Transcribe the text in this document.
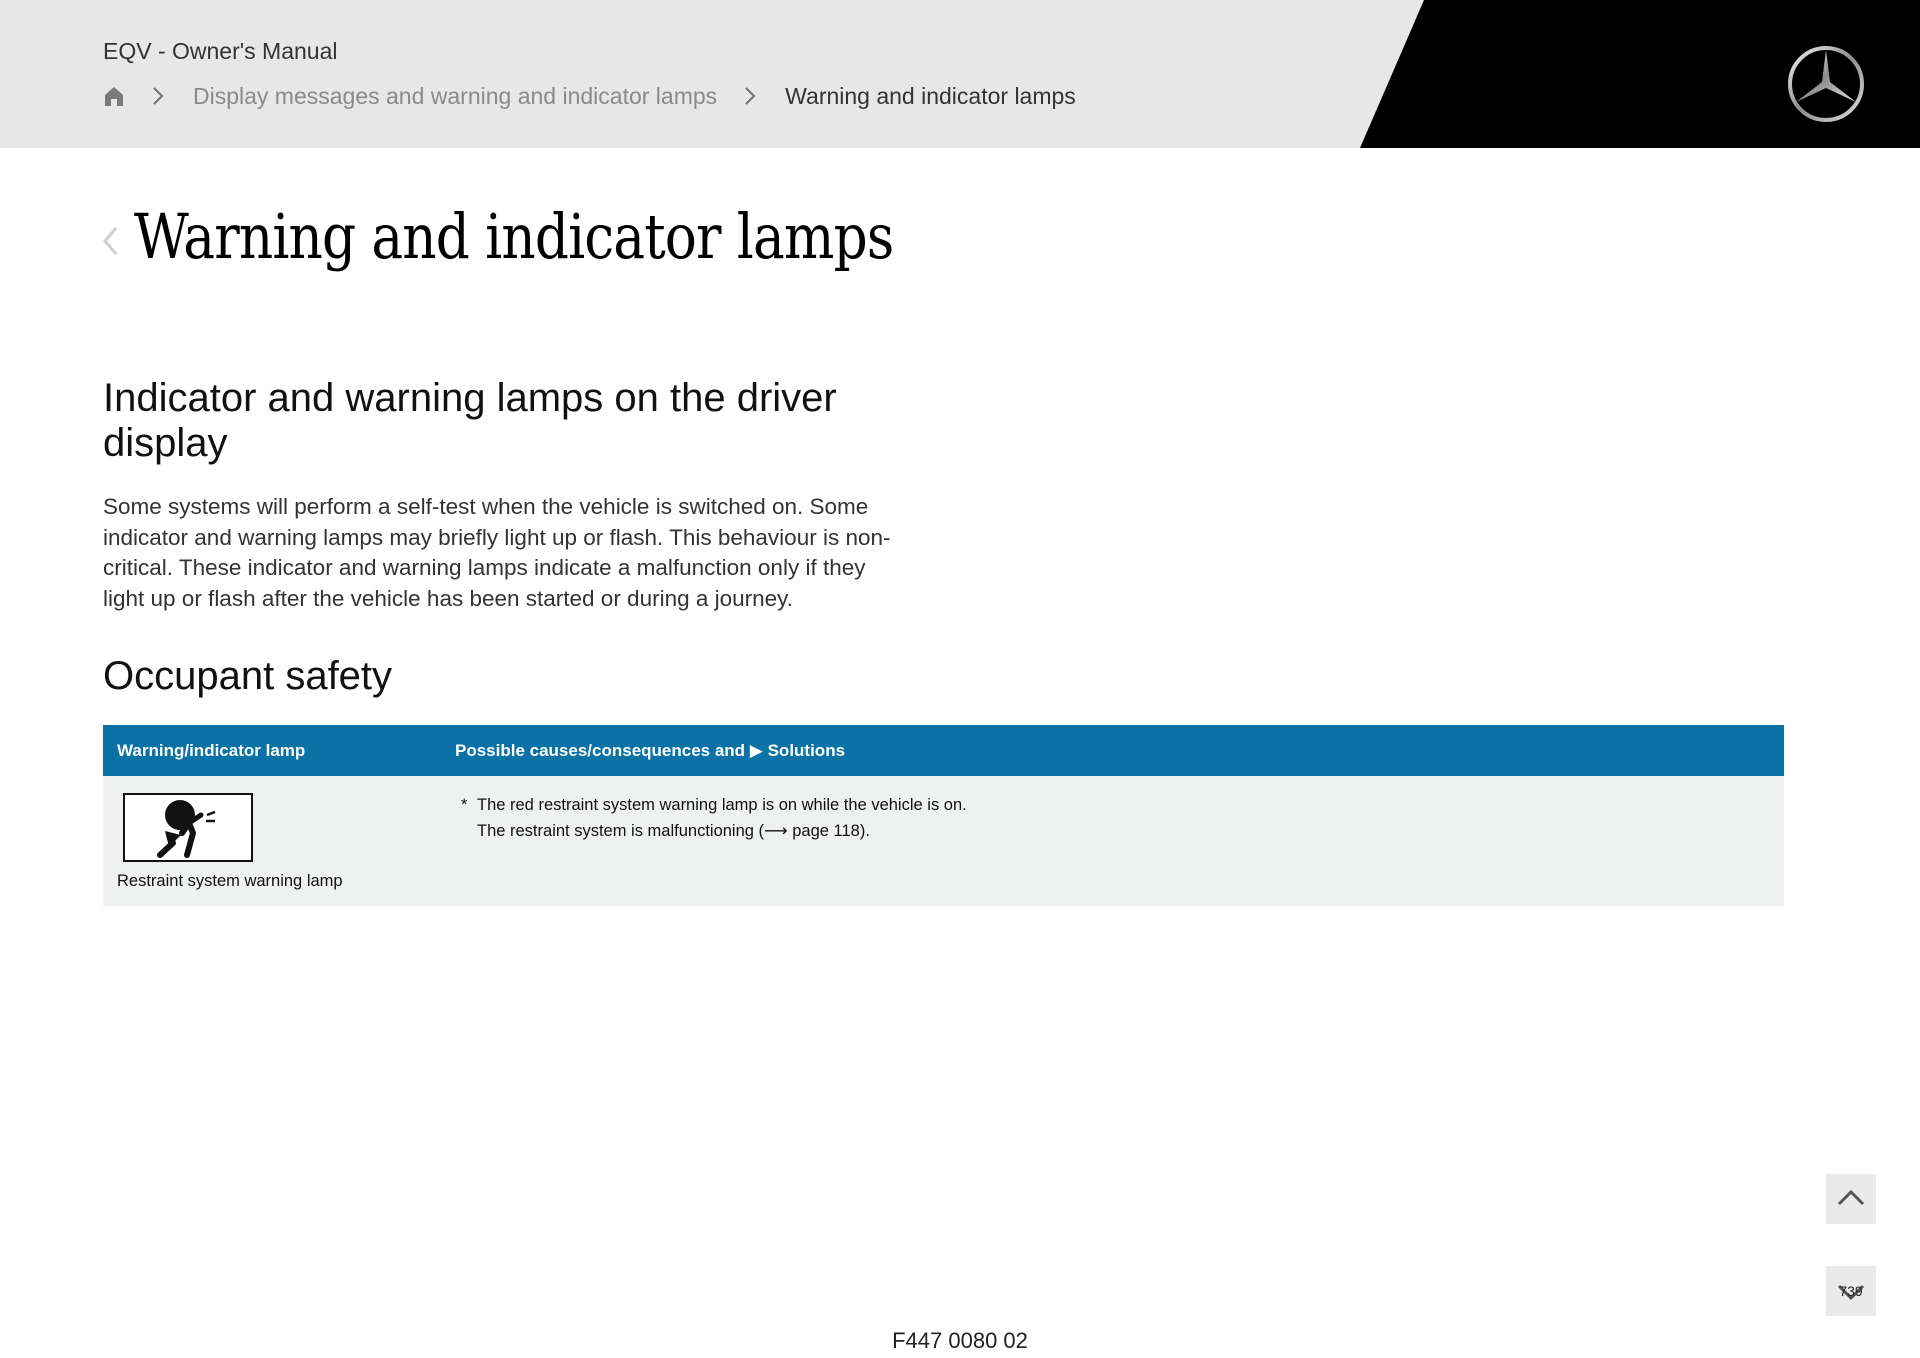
EQV - Owner's Manual
Display messages and warning and indicator lamps	Warning and indicator lamps
Warning and indicator lamps
Indicator and warning lamps on the driver display

Some systems will perform a self-test when the vehicle is switched on. Some indicator and warning lamps may briefly light up or flash. This behaviour is non-critical. These indicator and warning lamps indicate a malfunction only if they light up or flash after the vehicle has been started or during a journey.

Occupant safety
Warning/indicator lamp	Possible causes/consequences and ▶ Solutions
Restraint system warning lamp
* The red restraint system warning lamp is on while the vehicle is on.
The restraint system is malfunctioning (⟶ page 118).
739
F447 0080 02
